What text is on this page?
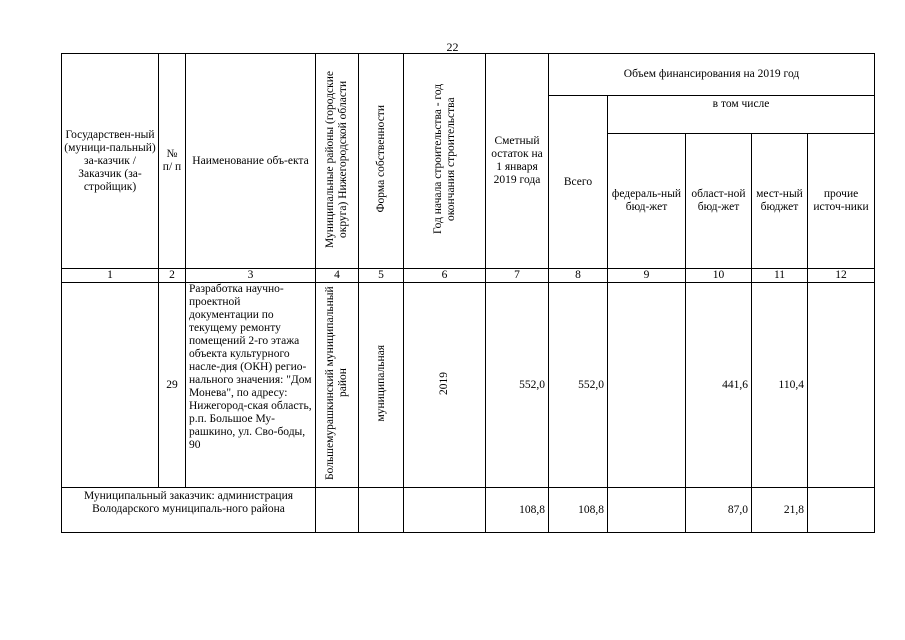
22
Государствен-ный (муници-пальный) за-казчик / Заказчик (за-стройщик)	№ п/ п	Наименование объ-екта	Муниципальные районы (городские округа) Нижегородской области	Форма собственности	Год начала строительства - год окончания строительства	Сметный остаток на 1 января 2019 года	Объем финансирования на 2019 год				
							Всего	в том числе			
								федераль-ный бюд-жет	област-ной бюд-жет	мест-ный бюджет	прочие источ-ники
1	2	3	4	5	6	7	8	9	10	11	12
	29	Разработка научно-проектной документации по текущему ремонту помещений 2-го этажа объекта культурного насле-дия (ОКН) регио-нального значения: "Дом Монева", по адресу: Нижегород-ская область, р.п. Большое Му-рашкино, ул. Сво-боды, 90	Большемурашкинский муниципальный район	муниципальная	2019	552,0	552,0		441,6	110,4	
Муниципальный заказчик: администрация Володарского муниципаль-ного района						108,8	108,8		87,0	21,8	
